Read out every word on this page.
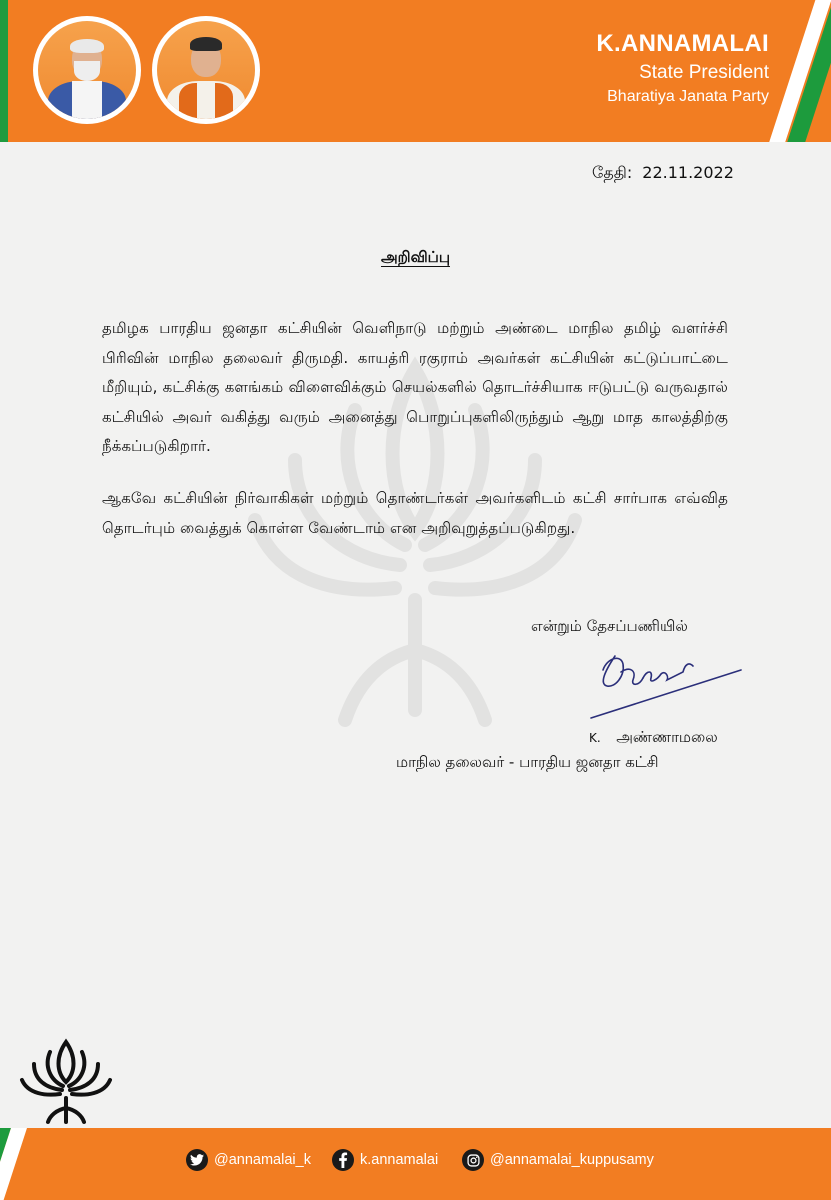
K.ANNAMALAI
State President
Bharatiya Janata Party
தேதி: 22.11.2022
அறிவிப்பு
தமிழக பாரதிய ஜனதா கட்சியின் வெளிநாடு மற்றும் அண்டை மாநில தமிழ் வளர்ச்சி பிரிவின் மாநில தலைவர் திருமதி. காயத்ரி ரகுராம் அவர்கள் கட்சியின் கட்டுப்பாட்டை மீறியும், கட்சிக்கு களங்கம் விளைவிக்கும் செயல்களில் தொடர்ச்சியாக ஈடுபட்டு வருவதால் கட்சியில் அவர் வகித்து வரும் அனைத்து பொறுப்புகளிலிருந்தும் ஆறு மாத காலத்திற்கு நீக்கப்படுகிறார்.
ஆகவே கட்சியின் நிர்வாகிகள் மற்றும் தொண்டர்கள் அவர்களிடம் கட்சி சார்பாக எவ்வித தொடர்பும் வைத்துக் கொள்ள வேண்டாம் என அறிவுறுத்தப்படுகிறது.
என்றும் தேசப்பணியில்
K. அண்ணாமலை
மாநில தலைவர் - பாரதிய ஜனதா கட்சி
@annamalai_k	k.annamalai	@annamalai_kuppusamy
